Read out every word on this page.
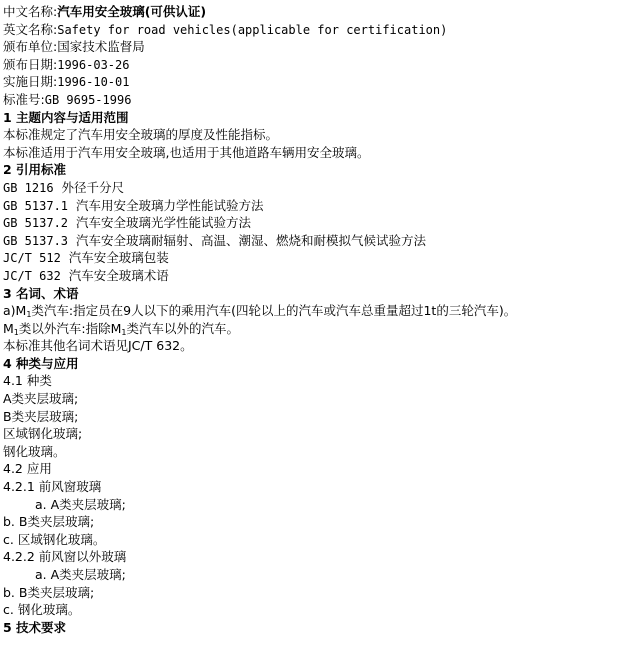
中文名称:汽车用安全玻璃(可供认证)
英文名称:Safety for road vehicles(applicable for certification)
颁布单位:国家技术监督局
颁布日期:1996-03-26
实施日期:1996-10-01
标准号:GB 9695-1996
1 主题内容与适用范围
本标准规定了汽车用安全玻璃的厚度及性能指标。
本标准适用于汽车用安全玻璃,也适用于其他道路车辆用安全玻璃。
2 引用标准
GB 1216 外径千分尺
GB 5137.1 汽车用安全玻璃力学性能试验方法
GB 5137.2 汽车安全玻璃光学性能试验方法
GB 5137.3 汽车安全玻璃耐辐射、高温、潮湿、燃烧和耐模拟气候试验方法
JC/T 512 汽车安全玻璃包装
JC/T 632 汽车安全玻璃术语
3 名词、术语
$a)M_1$类汽车:指定员在9人以下的乘用汽车(四轮以上的汽车或汽车总重量超过1t的三轮汽车)。
$M_1$类以外汽车:指除$M_1$类汽车以外的汽车。
本标准其他名词术语见JC/T 632。
4 种类与应用
4.1 种类
A类夹层玻璃;
B类夹层玻璃;
区域钢化玻璃;
钢化玻璃。
4.2 应用
4.2.1 前风窗玻璃
a. A类夹层玻璃;
b. B类夹层玻璃;
c. 区域钢化玻璃。
4.2.2 前风窗以外玻璃
a. A类夹层玻璃;
b. B类夹层玻璃;
c. 钢化玻璃。
5 技术要求
